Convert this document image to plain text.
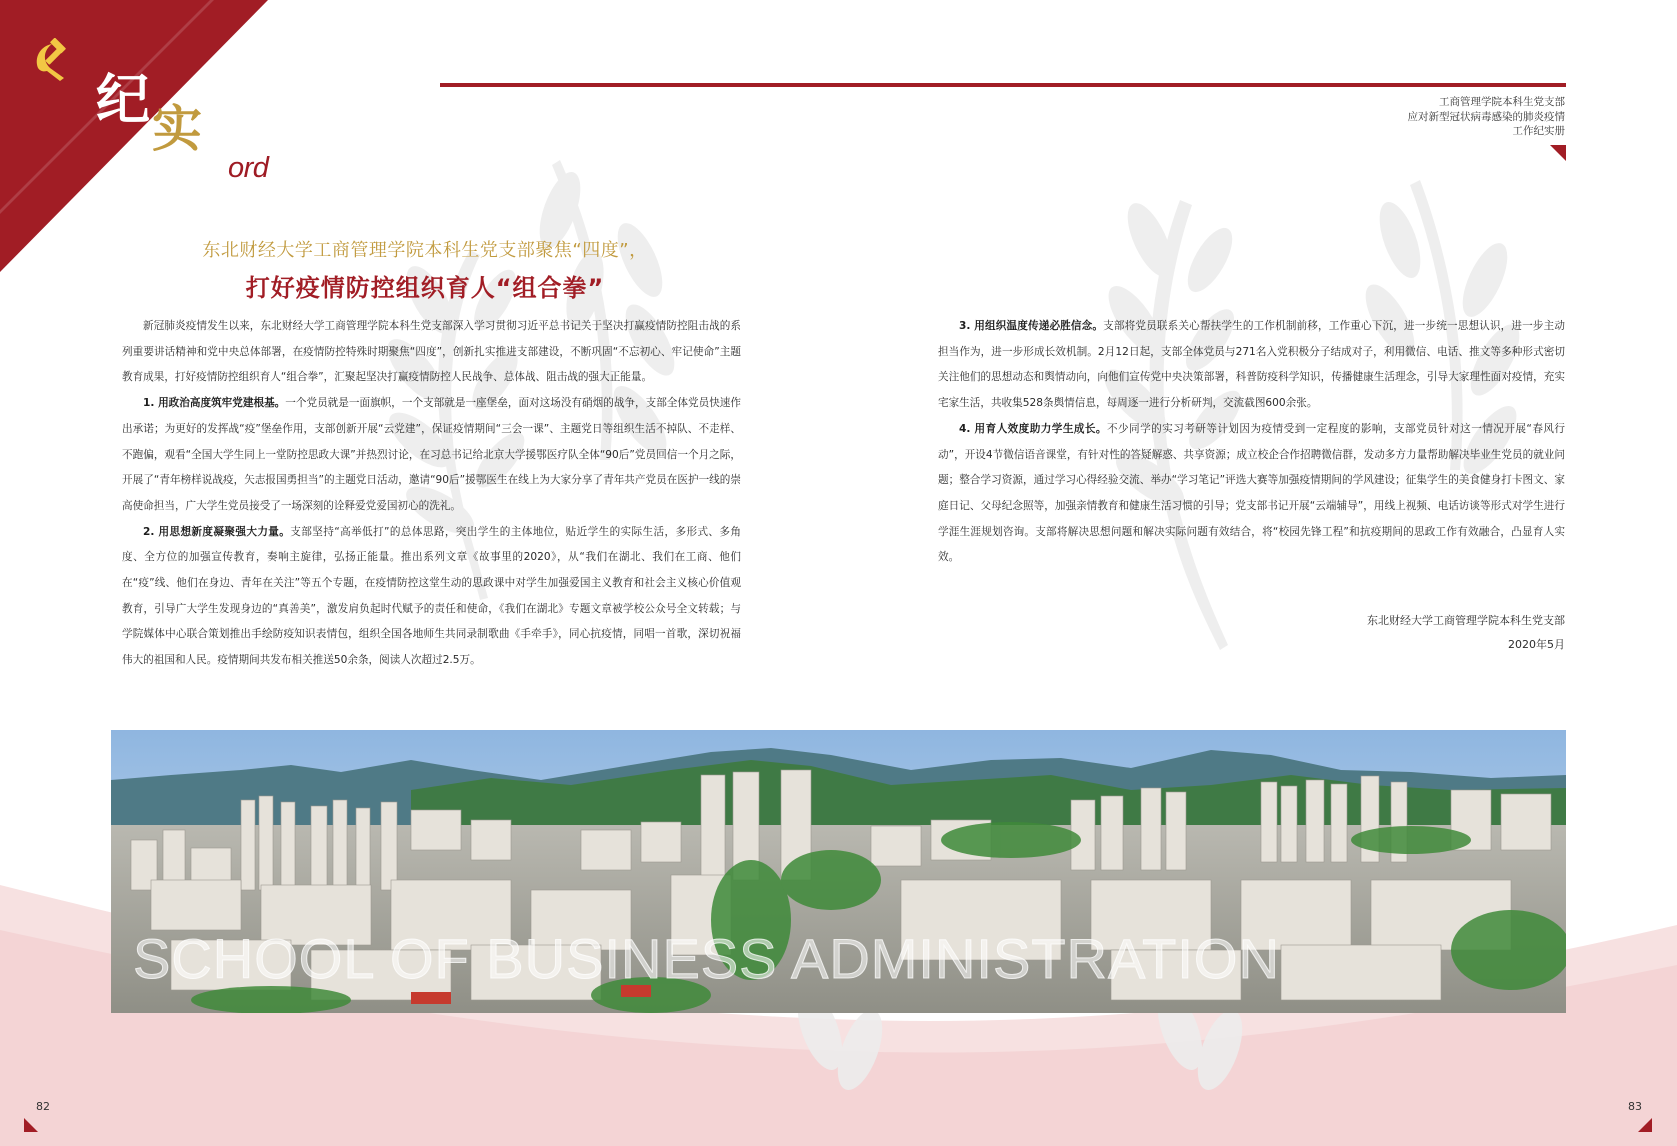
纪 实
Work record
工商管理学院本科生党支部
应对新型冠状病毒感染的肺炎疫情
工作纪实册
东北财经大学工商管理学院本科生党支部聚焦“四度”，
打好疫情防控组织育人“组合拳”

新冠肺炎疫情发生以来，东北财经大学工商管理学院本科生党支部深入学习贯彻习近平总书记关于坚决打赢疫情防控阻击战的系列重要讲话精神和党中央总体部署，在疫情防控特殊时期聚焦“四度”，创新扎实推进支部建设，不断巩固“不忘初心、牢记使命”主题教育成果，打好疫情防控组织育人“组合拳”，汇聚起坚决打赢疫情防控人民战争、总体战、阻击战的强大正能量。

1. 用政治高度筑牢党建根基。一个党员就是一面旗帜，一个支部就是一座堡垒，面对这场没有硝烟的战争，支部全体党员快速作出承诺；为更好的发挥战“疫”堡垒作用，支部创新开展“云党建”，保证疫情期间“三会一课”、主题党日等组织生活不掉队、不走样、不跑偏，观看“全国大学生同上一堂防控思政大课”并热烈讨论，在习总书记给北京大学援鄂医疗队全体“90后”党员回信一个月之际，开展了“青年榜样说战疫，矢志报国勇担当”的主题党日活动，邀请“90后”援鄂医生在线上为大家分享了青年共产党员在医护一线的崇高使命担当，广大学生党员接受了一场深刻的诠释爱党爱国初心的洗礼。

2. 用思想新度凝聚强大力量。支部坚持“高举低打”的总体思路，突出学生的主体地位，贴近学生的实际生活，多形式、多角度、全方位的加强宣传教育，奏响主旋律，弘扬正能量。推出系列文章《故事里的2020》，从“我们在湖北、我们在工商、他们在“疫”线、他们在身边、青年在关注”等五个专题，在疫情防控这堂生动的思政课中对学生加强爱国主义教育和社会主义核心价值观教育，引导广大学生发现身边的“真善美”，激发肩负起时代赋予的责任和使命，《我们在湖北》专题文章被学校公众号全文转载；与学院媒体中心联合策划推出手绘防疫知识表情包，组织全国各地师生共同录制歌曲《手牵手》，同心抗疫情，同唱一首歌，深切祝福伟大的祖国和人民。疫情期间共发布相关推送50余条，阅读人次超过2.5万。

3. 用组织温度传递必胜信念。支部将党员联系关心帮扶学生的工作机制前移，工作重心下沉，进一步统一思想认识，进一步主动担当作为，进一步形成长效机制。2月12日起，支部全体党员与271名入党积极分子结成对子，利用微信、电话、推文等多种形式密切关注他们的思想动态和舆情动向，向他们宣传党中央决策部署，科普防疫科学知识，传播健康生活理念，引导大家理性面对疫情，充实宅家生活，共收集528条舆情信息，每周逐一进行分析研判，交流截图600余张。

4. 用育人效度助力学生成长。不少同学的实习考研等计划因为疫情受到一定程度的影响，支部党员针对这一情况开展“春风行动”，开设4节微信语音课堂，有针对性的答疑解惑、共享资源；成立校企合作招聘微信群，发动多方力量帮助解决毕业生党员的就业问题；整合学习资源，通过学习心得经验交流、举办“学习笔记”评选大赛等加强疫情期间的学风建设；征集学生的美食健身打卡图文、家庭日记、父母纪念照等，加强亲情教育和健康生活习惯的引导；党支部书记开展“云端辅导”，用线上视频、电话访谈等形式对学生进行学涯生涯规划咨询。支部将解决思想问题和解决实际问题有效结合，将“校园先锋工程”和抗疫期间的思政工作有效融合，凸显育人实效。

东北财经大学工商管理学院本科生党支部
2020年5月
SCHOOL OF BUSINESS ADMINISTRATION
82	83
